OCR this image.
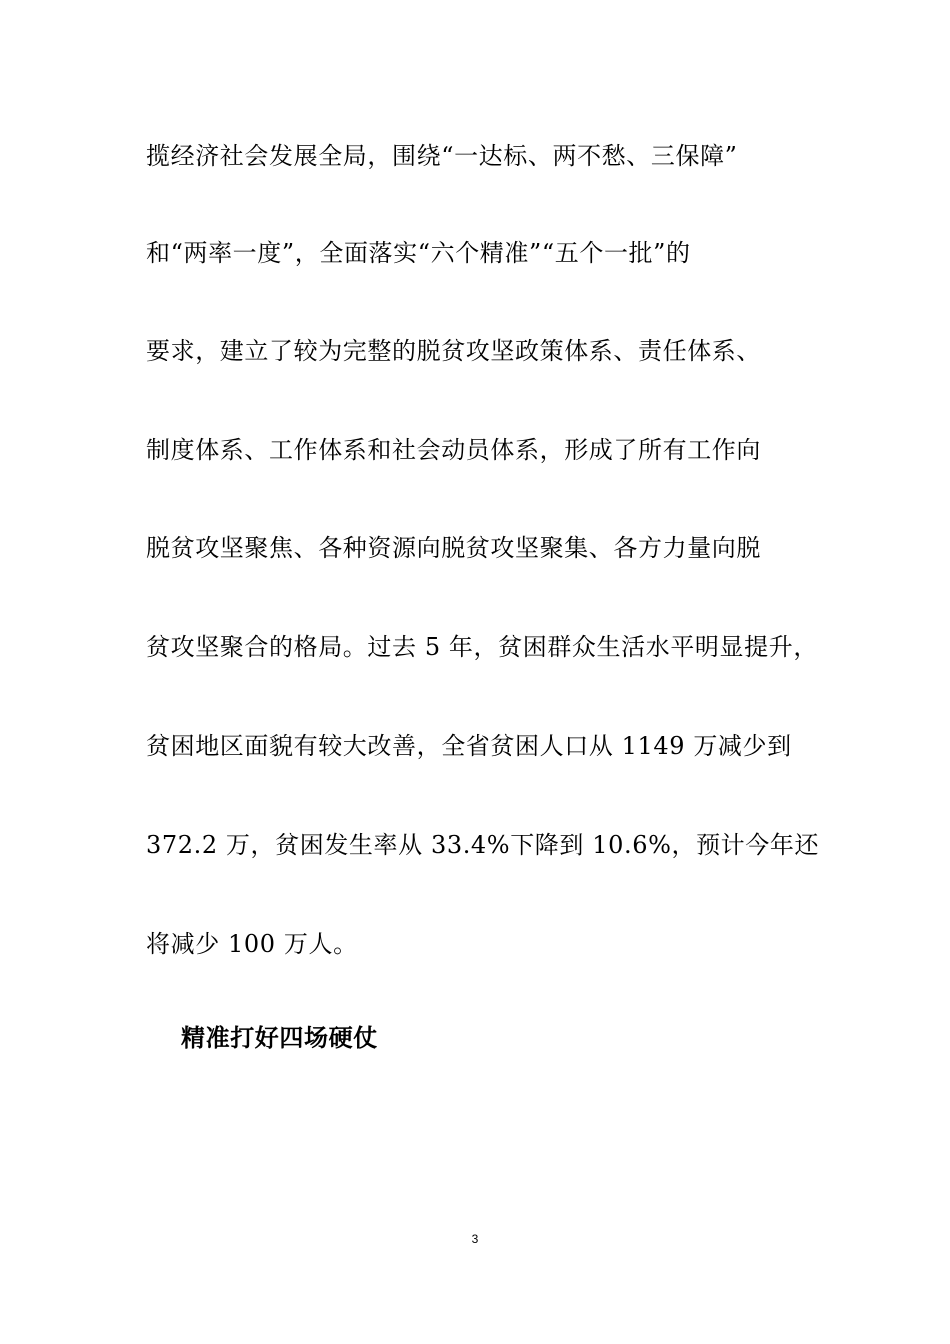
揽经济社会发展全局，围绕“一达标、两不愁、三保障”
和“两率一度”，全面落实“六个精准”“五个一批”的
要求，建立了较为完整的脱贫攻坚政策体系、责任体系、
制度体系、工作体系和社会动员体系，形成了所有工作向
脱贫攻坚聚焦、各种资源向脱贫攻坚聚集、各方力量向脱
贫攻坚聚合的格局。过去 5 年，贫困群众生活水平明显提升，
贫困地区面貌有较大改善，全省贫困人口从 1149 万减少到
372.2 万，贫困发生率从 33.4%下降到 10.6%，预计今年还
将减少 100 万人。
精准打好四场硬仗
3
